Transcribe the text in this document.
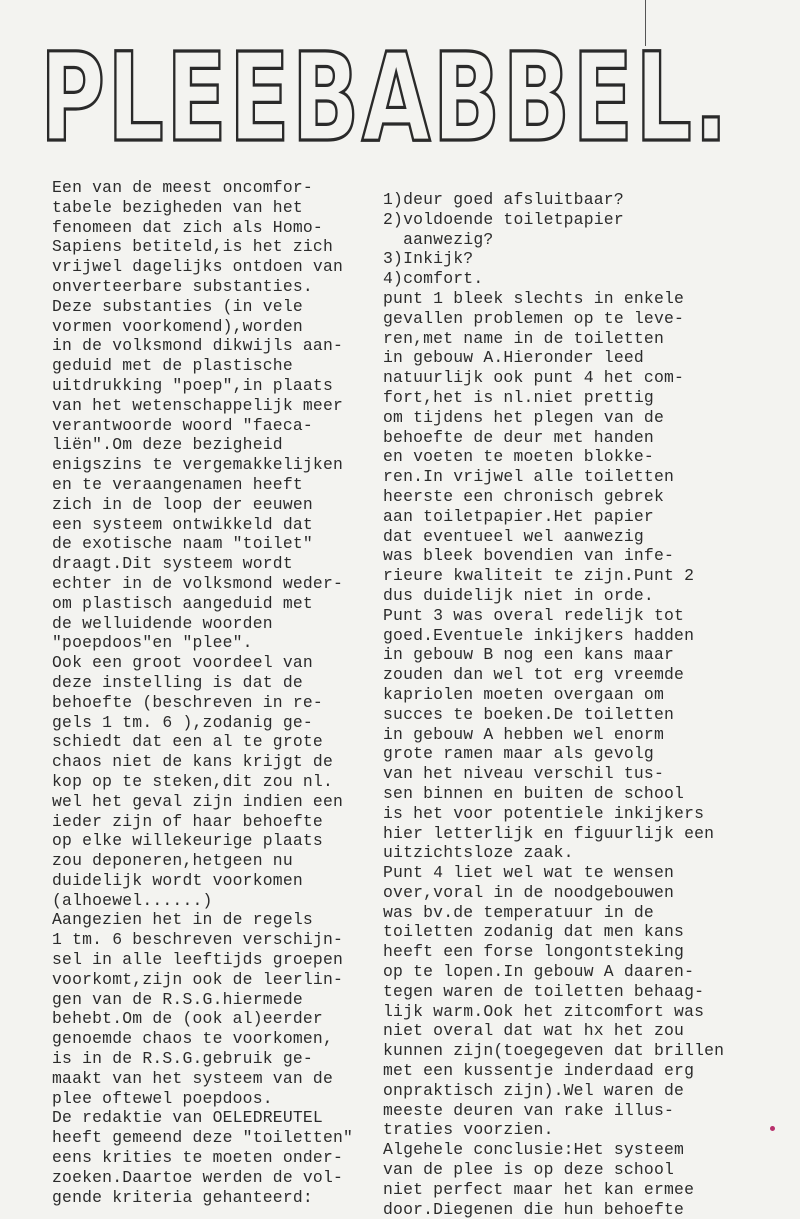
PLEEBABBEL.
Een van de meest oncomfor-
tabele bezigheden van het
fenomeen dat zich als Homo-
Sapiens betiteld,is het zich
vrijwel dagelijks ontdoen van
onverteerbare substanties.
Deze substanties (in vele
vormen voorkomend),worden
in de volksmond dikwijls aan-
geduid met de plastische
uitdrukking "poep",in plaats
van het wetenschappelijk meer
verantwoorde woord "faeca-
liën".Om deze bezigheid
enigszins te vergemakkelijken
en te veraangenamen heeft
zich in de loop der eeuwen
een systeem ontwikkeld dat
de exotische naam "toilet"
draagt.Dit systeem wordt
echter in de volksmond weder-
om plastisch aangeduid met
de welluidende woorden
"poepdoos"en "plee".
Ook een groot voordeel van
deze instelling is dat de
behoefte (beschreven in re-
gels 1 tm. 6 ),zodanig ge-
schiedt dat een al te grote
chaos niet de kans krijgt de
kop op te steken,dit zou nl.
wel het geval zijn indien een
ieder zijn of haar behoefte
op elke willekeurige plaats
zou deponeren,hetgeen nu
duidelijk wordt voorkomen
(alhoewel......)
Aangezien het in de regels
1 tm. 6 beschreven verschijn-
sel in alle leeftijds groepen
voorkomt,zijn ook de leerlin-
gen van de R.S.G.hiermede
behebt.Om de (ook al)eerder
genoemde chaos te voorkomen,
is in de R.S.G.gebruik ge-
maakt van het systeem van de
plee oftewel poepdoos.
De redaktie van OELEDREUTEL
heeft gemeend deze "toiletten"
eens krities te moeten onder-
zoeken.Daartoe werden de vol-
gende kriteria gehanteerd:
1)deur goed afsluitbaar?
2)voldoende toiletpapier
aanwezig?
3)Inkijk?
4)comfort.
punt 1 bleek slechts in enkele
gevallen problemen op te leve-
ren,met name in de toiletten
in gebouw A.Hieronder leed
natuurlijk ook punt 4 het com-
fort,het is nl.niet prettig
om tijdens het plegen van de
behoefte de deur met handen
en voeten te moeten blokke-
ren.In vrijwel alle toiletten
heerste een chronisch gebrek
aan toiletpapier.Het papier
dat eventueel wel aanwezig
was bleek bovendien van infe-
rieure kwaliteit te zijn.Punt 2
dus duidelijk niet in orde.
Punt 3 was overal redelijk tot
goed.Eventuele inkijkers hadden
in gebouw B nog een kans maar
zouden dan wel tot erg vreemde
kapriolen moeten overgaan om
succes te boeken.De toiletten
in gebouw A hebben wel enorm
grote ramen maar als gevolg
van het niveau verschil tus-
sen binnen en buiten de school
is het voor potentiele inkijkers
hier letterlijk en figuurlijk een
uitzichtsloze zaak.
Punt 4 liet wel wat te wensen
over,voral in de noodgebouwen
was bv.de temperatuur in de
toiletten zodanig dat men kans
heeft een forse longontsteking
op te lopen.In gebouw A daaren-
tegen waren de toiletten behaag-
lijk warm.Ook het zitcomfort was
niet overal dat wat hx het zou
kunnen zijn(toegegeven dat brillen
met een kussentje inderdaad erg
onpraktisch zijn).Wel waren de
meeste deuren van rake illus-
traties voorzien.
Algehele conclusie:Het systeem
van de plee is op deze school
niet perfect maar het kan ermee
door.Diegenen die hun behoefte
